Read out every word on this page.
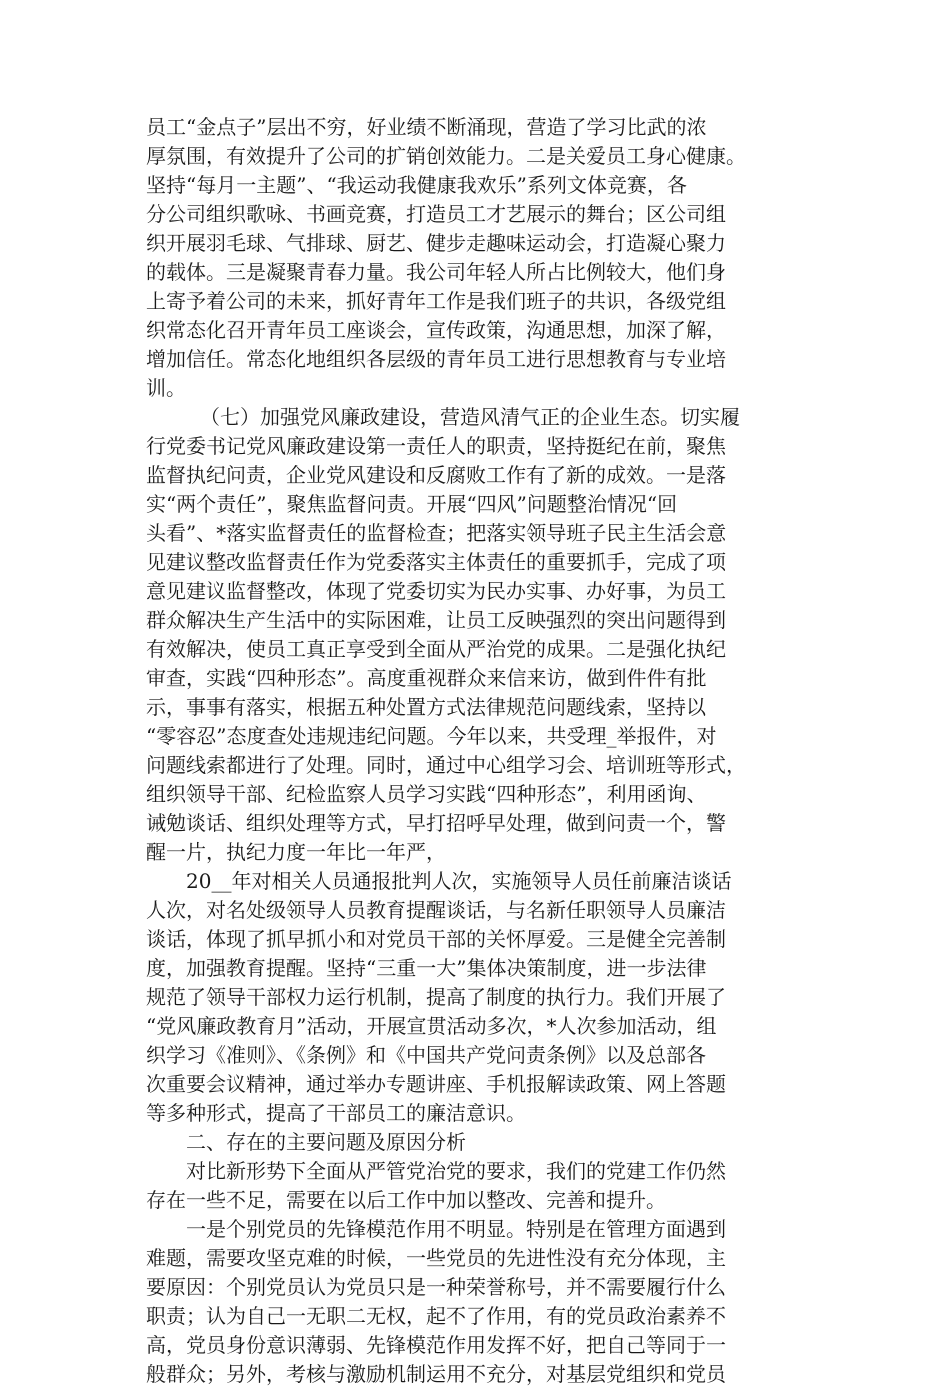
员工“金点子”层出不穷，好业绩不断涌现，营造了学习比武的浓
厚氛围，有效提升了公司的扩销创效能力。二是关爱员工身心健康。
坚持“每月一主题”、“我运动我健康我欢乐”系列文体竞赛，各
分公司组织歌咏、书画竞赛，打造员工才艺展示的舞台；区公司组
织开展羽毛球、气排球、厨艺、健步走趣味运动会，打造凝心聚力
的载体。三是凝聚青春力量。我公司年轻人所占比例较大，他们身
上寄予着公司的未来，抓好青年工作是我们班子的共识，各级党组
织常态化召开青年员工座谈会，宣传政策，沟通思想，加深了解，
增加信任。常态化地组织各层级的青年员工进行思想教育与专业培
训。
（七）加强党风廉政建设，营造风清气正的企业生态。切实履
行党委书记党风廉政建设第一责任人的职责，坚持挺纪在前，聚焦
监督执纪问责，企业党风建设和反腐败工作有了新的成效。一是落
实“两个责任”，聚焦监督问责。开展“四风”问题整治情况“回
头看”、*落实监督责任的监督检查；把落实领导班子民主生活会意
见建议整改监督责任作为党委落实主体责任的重要抓手，完成了项
意见建议监督整改，体现了党委切实为民办实事、办好事，为员工
群众解决生产生活中的实际困难，让员工反映强烈的突出问题得到
有效解决，使员工真正享受到全面从严治党的成果。二是强化执纪
审查，实践“四种形态”。高度重视群众来信来访，做到件件有批
示，事事有落实，根据五种处置方式法律规范问题线索，坚持以
“零容忍”态度查处违规违纪问题。今年以来，共受理_举报件，对
问题线索都进行了处理。同时，通过中心组学习会、培训班等形式，
组织领导干部、纪检监察人员学习实践“四种形态”，利用函询、
诫勉谈话、组织处理等方式，早打招呼早处理，做到问责一个，警
醒一片，执纪力度一年比一年严，
20__年对相关人员通报批判人次，实施领导人员任前廉洁谈话
人次，对名处级领导人员教育提醒谈话，与名新任职领导人员廉洁
谈话，体现了抓早抓小和对党员干部的关怀厚爱。三是健全完善制
度，加强教育提醒。坚持“三重一大”集体决策制度，进一步法律
规范了领导干部权力运行机制，提高了制度的执行力。我们开展了
“党风廉政教育月”活动，开展宣贯活动多次，*人次参加活动，组
织学习《准则》、《条例》和《中国共产党问责条例》以及总部各
次重要会议精神，通过举办专题讲座、手机报解读政策、网上答题
等多种形式，提高了干部员工的廉洁意识。
二、存在的主要问题及原因分析
对比新形势下全面从严管党治党的要求，我们的党建工作仍然
存在一些不足，需要在以后工作中加以整改、完善和提升。
一是个别党员的先锋模范作用不明显。特别是在管理方面遇到
难题，需要攻坚克难的时候，一些党员的先进性没有充分体现，主
要原因：个别党员认为党员只是一种荣誉称号，并不需要履行什么
职责；认为自己一无职二无权，起不了作用，有的党员政治素养不
高，党员身份意识薄弱、先锋模范作用发挥不好，把自己等同于一
般群众；另外，考核与激励机制运用不充分，对基层党组织和党员
